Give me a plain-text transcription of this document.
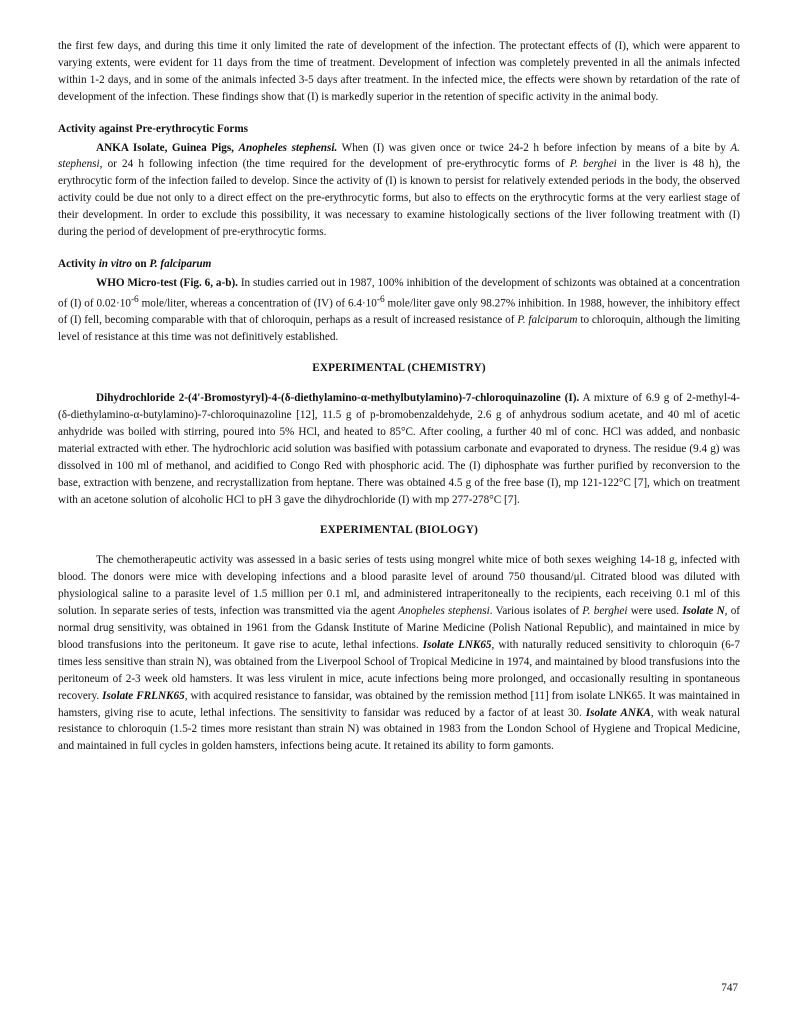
the first few days, and during this time it only limited the rate of development of the infection. The protectant effects of (I), which were apparent to varying extents, were evident for 11 days from the time of treatment. Development of infection was completely prevented in all the animals infected within 1-2 days, and in some of the animals infected 3-5 days after treatment. In the infected mice, the effects were shown by retardation of the rate of development of the infection. These findings show that (I) is markedly superior in the retention of specific activity in the animal body.

Activity against Pre-erythrocytic Forms

ANKA Isolate, Guinea Pigs, Anopheles stephensi. When (I) was given once or twice 24-2 h before infection by means of a bite by A. stephensi, or 24 h following infection (the time required for the development of pre-erythrocytic forms of P. berghei in the liver is 48 h), the erythrocytic form of the infection failed to develop. Since the activity of (I) is known to persist for relatively extended periods in the body, the observed activity could be due not only to a direct effect on the pre-erythrocytic forms, but also to effects on the erythrocytic forms at the very earliest stage of their development. In order to exclude this possibility, it was necessary to examine histologically sections of the liver following treatment with (I) during the period of development of pre-erythrocytic forms.

Activity in vitro on P. falciparum

WHO Micro-test (Fig. 6, a-b). In studies carried out in 1987, 100% inhibition of the development of schizonts was obtained at a concentration of (I) of $0.02\cdot 10^{-6}$ mole/liter, whereas a concentration of (IV) of $6.4\cdot 10^{-6}$ mole/liter gave only 98.27% inhibition. In 1988, however, the inhibitory effect of (I) fell, becoming comparable with that of chloroquin, perhaps as a result of increased resistance of P. falciparum to chloroquin, although the limiting level of resistance at this time was not definitively established.

EXPERIMENTAL (CHEMISTRY)

Dihydrochloride 2-(4'-Bromostyryl)-4-(δ-diethylamino-α-methylbutylamino)-7-chloroquinazoline (I). A mixture of 6.9 g of 2-methyl-4-(δ-diethylamino-α-butylamino)-7-chloroquinazoline [12], 11.5 g of p-bromobenzaldehyde, 2.6 g of anhydrous sodium acetate, and 40 ml of acetic anhydride was boiled with stirring, poured into 5% HCl, and heated to 85°C. After cooling, a further 40 ml of conc. HCl was added, and nonbasic material extracted with ether. The hydrochloric acid solution was basified with potassium carbonate and evaporated to dryness. The residue (9.4 g) was dissolved in 100 ml of methanol, and acidified to Congo Red with phosphoric acid. The (I) diphosphate was further purified by reconversion to the base, extraction with benzene, and recrystallization from heptane. There was obtained 4.5 g of the free base (I), mp 121-122°C [7], which on treatment with an acetone solution of alcoholic HCl to pH 3 gave the dihydrochloride (I) with mp 277-278°C [7].

EXPERIMENTAL (BIOLOGY)

The chemotherapeutic activity was assessed in a basic series of tests using mongrel white mice of both sexes weighing 14-18 g, infected with blood. The donors were mice with developing infections and a blood parasite level of around 750 thousand/μl. Citrated blood was diluted with physiological saline to a parasite level of 1.5 million per 0.1 ml, and administered intraperitoneally to the recipients, each receiving 0.1 ml of this solution. In separate series of tests, infection was transmitted via the agent Anopheles stephensi. Various isolates of P. berghei were used. Isolate N, of normal drug sensitivity, was obtained in 1961 from the Gdansk Institute of Marine Medicine (Polish National Republic), and maintained in mice by blood transfusions into the peritoneum. It gave rise to acute, lethal infections. Isolate LNK65, with naturally reduced sensitivity to chloroquin (6-7 times less sensitive than strain N), was obtained from the Liverpool School of Tropical Medicine in 1974, and maintained by blood transfusions into the peritoneum of 2-3 week old hamsters. It was less virulent in mice, acute infections being more prolonged, and occasionally resulting in spontaneous recovery. Isolate FRLNK65, with acquired resistance to fansidar, was obtained by the remission method [11] from isolate LNK65. It was maintained in hamsters, giving rise to acute, lethal infections. The sensitivity to fansidar was reduced by a factor of at least 30. Isolate ANKA, with weak natural resistance to chloroquin (1.5-2 times more resistant than strain N) was obtained in 1983 from the London School of Hygiene and Tropical Medicine, and maintained in full cycles in golden hamsters, infections being acute. It retained its ability to form gamonts.

747
